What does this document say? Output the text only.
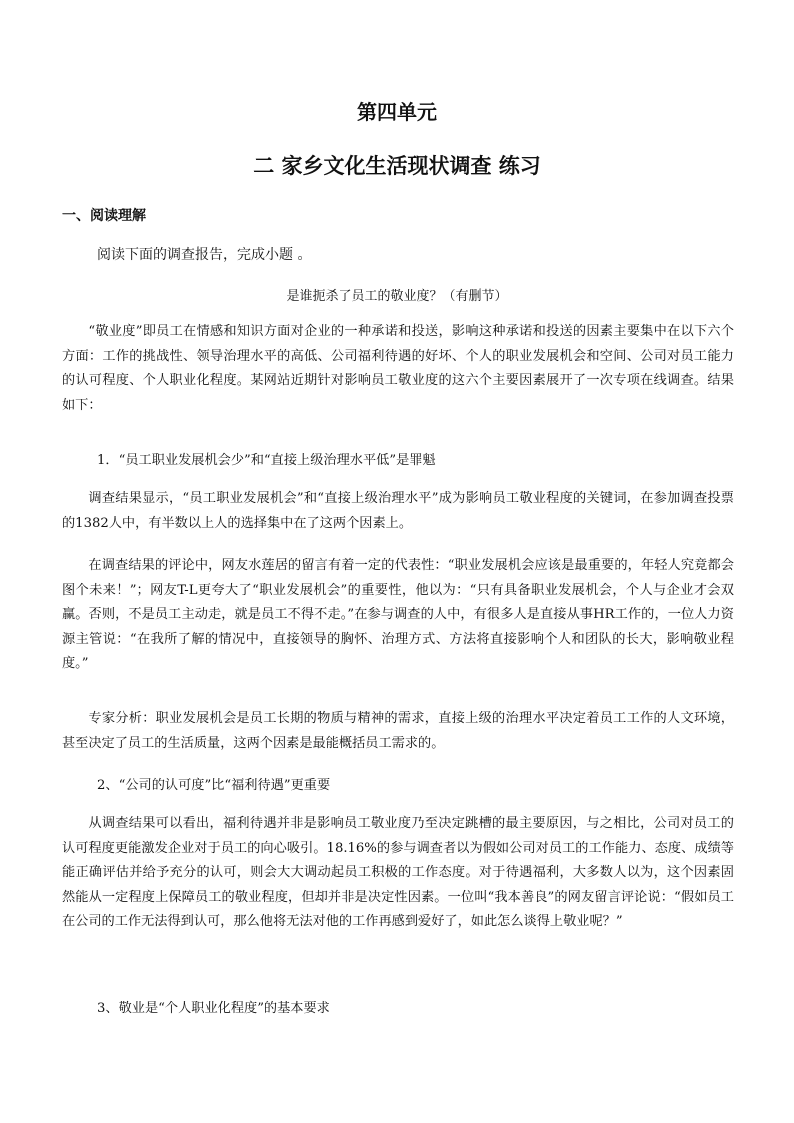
第四单元
二 家乡文化生活现状调查 练习
一、阅读理解
阅读下面的调查报告，完成小题 。
是谁扼杀了员工的敬业度？（有删节）

“敬业度”即员工在情感和知识方面对企业的一种承诺和投送，影响这种承诺和投送的因素主要集中在以下六个方面：工作的挑战性、领导治理水平的高低、公司福利待遇的好坏、个人的职业发展机会和空间、公司对员工能力的认可程度、个人职业化程度。某网站近期针对影响员工敬业度的这六个主要因素展开了一次专项在线调查。结果如下：

1．“员工职业发展机会少”和“直接上级治理水平低”是罪魁

调查结果显示，“员工职业发展机会”和“直接上级治理水平”成为影响员工敬业程度的关键词，在参加调查投票的1382人中，有半数以上人的选择集中在了这两个因素上。

在调查结果的评论中，网友水莲居的留言有着一定的代表性：“职业发展机会应该是最重要的，年轻人究竟都会图个未来！”；网友T-L更夸大了“职业发展机会”的重要性，他以为：“只有具备职业发展机会，个人与企业才会双赢。否则，不是员工主动走，就是员工不得不走。”在参与调查的人中，有很多人是直接从事HR工作的，一位人力资源主管说：“在我所了解的情况中，直接领导的胸怀、治理方式、方法将直接影响个人和团队的长大，影响敬业程度。”

专家分析：职业发展机会是员工长期的物质与精神的需求，直接上级的治理水平决定着员工工作的人文环境，甚至决定了员工的生活质量，这两个因素是最能概括员工需求的。

2、“公司的认可度”比“福利待遇”更重要

从调查结果可以看出，福利待遇并非是影响员工敬业度乃至决定跳槽的最主要原因，与之相比，公司对员工的认可程度更能激发企业对于员工的向心吸引。18.16%的参与调查者以为假如公司对员工的工作能力、态度、成绩等能正确评估并给予充分的认可，则会大大调动起员工积极的工作态度。对于待遇福利，大多数人以为，这个因素固然能从一定程度上保障员工的敬业程度，但却并非是决定性因素。一位叫“我本善良”的网友留言评论说：“假如员工在公司的工作无法得到认可，那么他将无法对他的工作再感到爱好了，如此怎么谈得上敬业呢？”

3、敬业是“个人职业化程度”的基本要求
